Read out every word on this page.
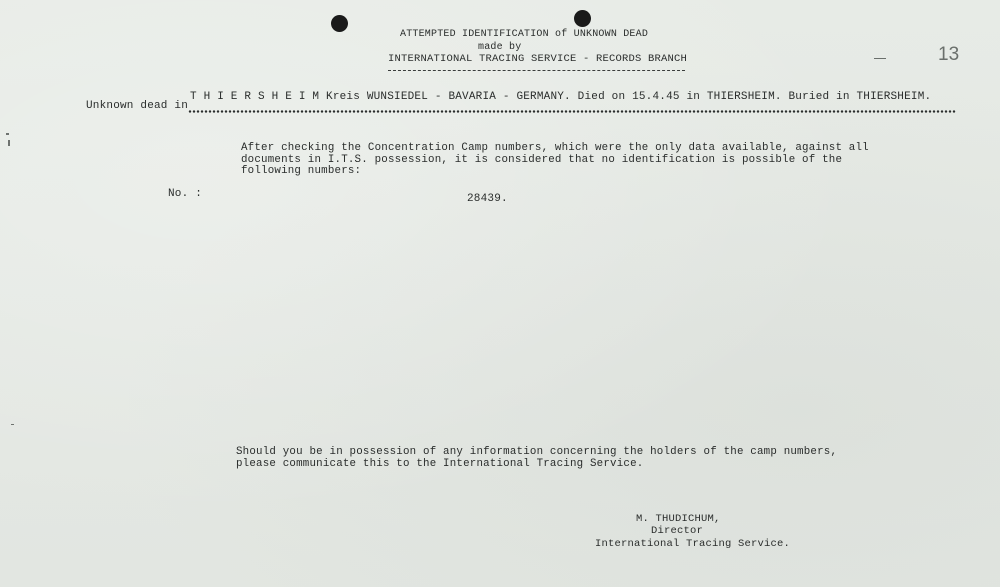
ATTEMPTED IDENTIFICATION of UNKNOWN DEAD
made by
INTERNATIONAL TRACING SERVICE - RECORDS BRANCH	13
Unknown dead in
T H I E R S H E I M Kreis WUNSIEDEL - BAVARIA - GERMANY. Died on 15.4.45 in THIERSHEIM. Buried in THIERSHEIM.
After checking the Concentration Camp numbers, which were the only data available, against all
documents in I.T.S. possession, it is considered that no identification is possible of the
following numbers:
No. :	28439.
Should you be in possession of any information concerning the holders of the camp numbers,
please communicate this to the International Tracing Service.
M. THUDICHUM,
Director
International Tracing Service.
